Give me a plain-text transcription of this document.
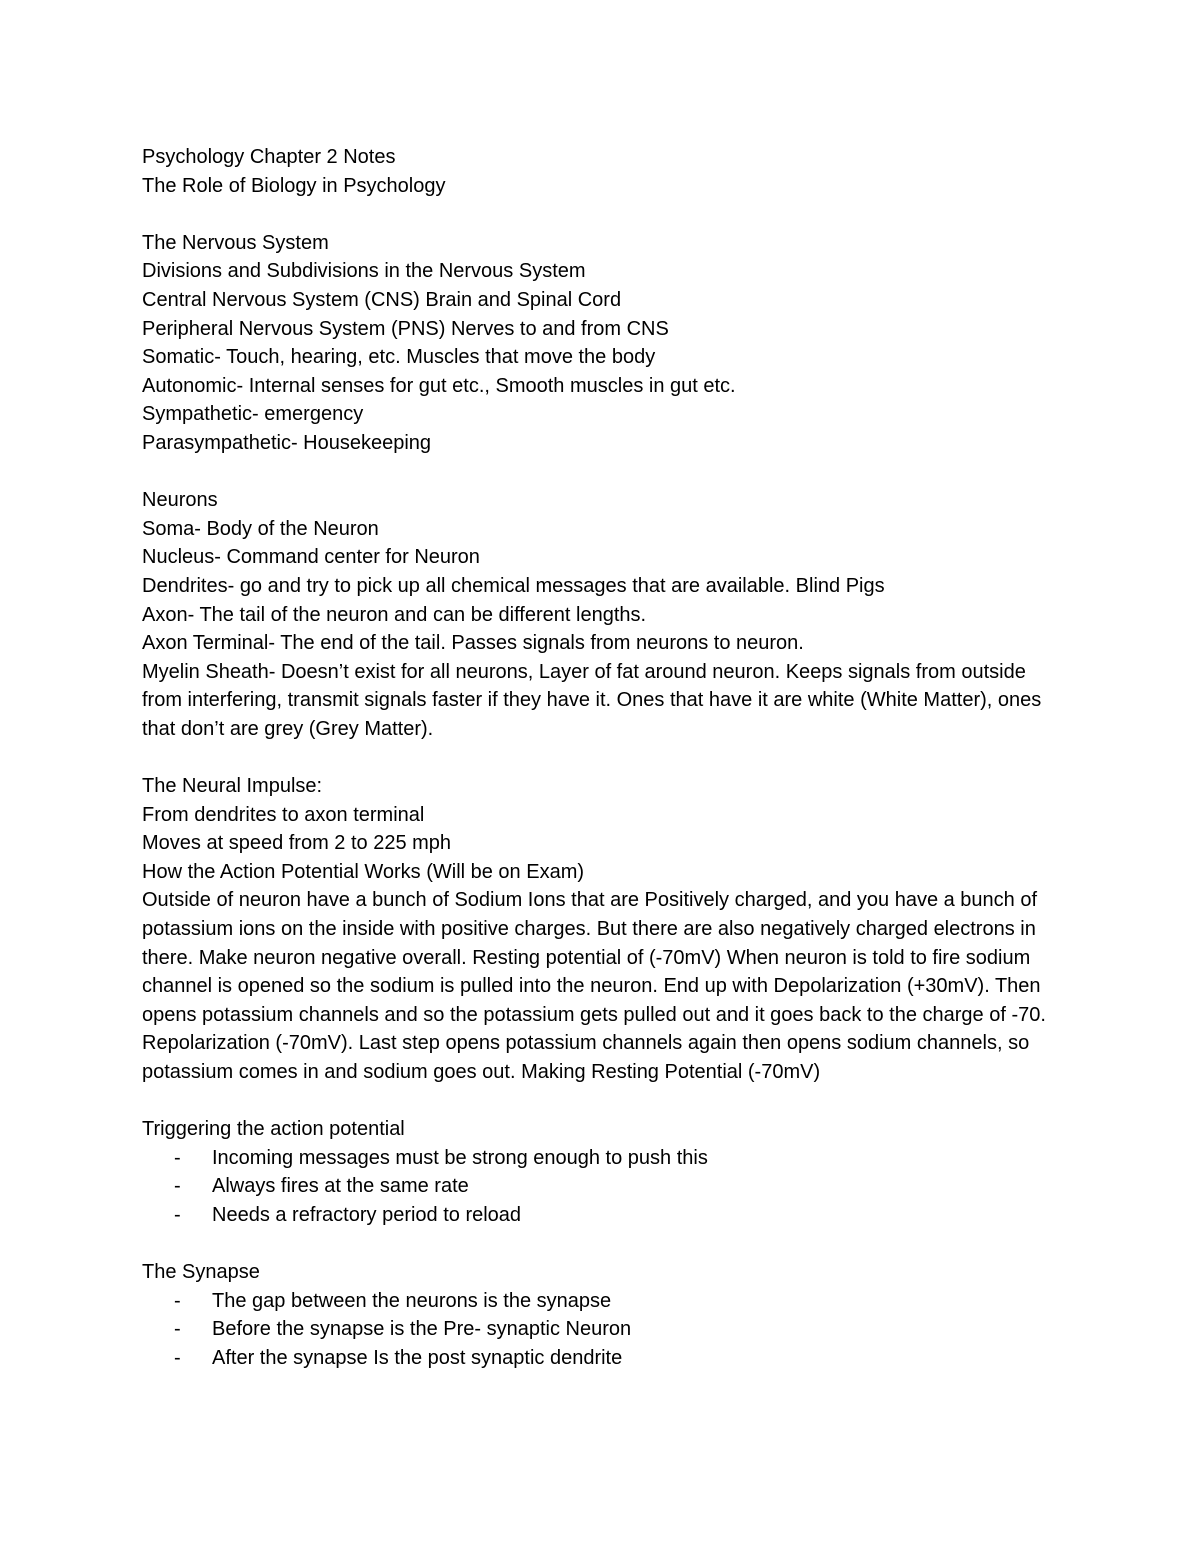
Psychology Chapter 2 Notes
The Role of Biology in Psychology
The Nervous System
Divisions and Subdivisions in the Nervous System
Central Nervous System (CNS) Brain and Spinal Cord
Peripheral Nervous System (PNS) Nerves to and from CNS
Somatic- Touch, hearing, etc. Muscles that move the body
Autonomic- Internal senses for gut etc., Smooth muscles in gut etc.
Sympathetic- emergency
Parasympathetic- Housekeeping
Neurons
Soma- Body of the Neuron
Nucleus- Command center for Neuron
Dendrites- go and try to pick up all chemical messages that are available. Blind Pigs
Axon- The tail of the neuron and can be different lengths.
Axon Terminal- The end of the tail. Passes signals from neurons to neuron.
Myelin Sheath- Doesn’t exist for all neurons, Layer of fat around neuron. Keeps signals from outside from interfering, transmit signals faster if they have it. Ones that have it are white (White Matter), ones that don’t are grey (Grey Matter).
The Neural Impulse:
From dendrites to axon terminal
Moves at speed from 2 to 225 mph
How the Action Potential Works (Will be on Exam)
Outside of neuron have a bunch of Sodium Ions that are Positively charged, and you have a bunch of potassium ions on the inside with positive charges. But there are also negatively charged electrons in there. Make neuron negative overall. Resting potential of (-70mV) When neuron is told to fire sodium channel is opened so the sodium is pulled into the neuron. End up with Depolarization (+30mV). Then opens potassium channels and so the potassium gets pulled out and it goes back to the charge of -70. Repolarization (-70mV). Last step opens potassium channels again then opens sodium channels, so potassium comes in and sodium goes out. Making Resting Potential (-70mV)
Triggering the action potential
- Incoming messages must be strong enough to push this
- Always fires at the same rate
- Needs a refractory period to reload
The Synapse
- The gap between the neurons is the synapse
- Before the synapse is the Pre- synaptic Neuron
- After the synapse Is the post synaptic dendrite
